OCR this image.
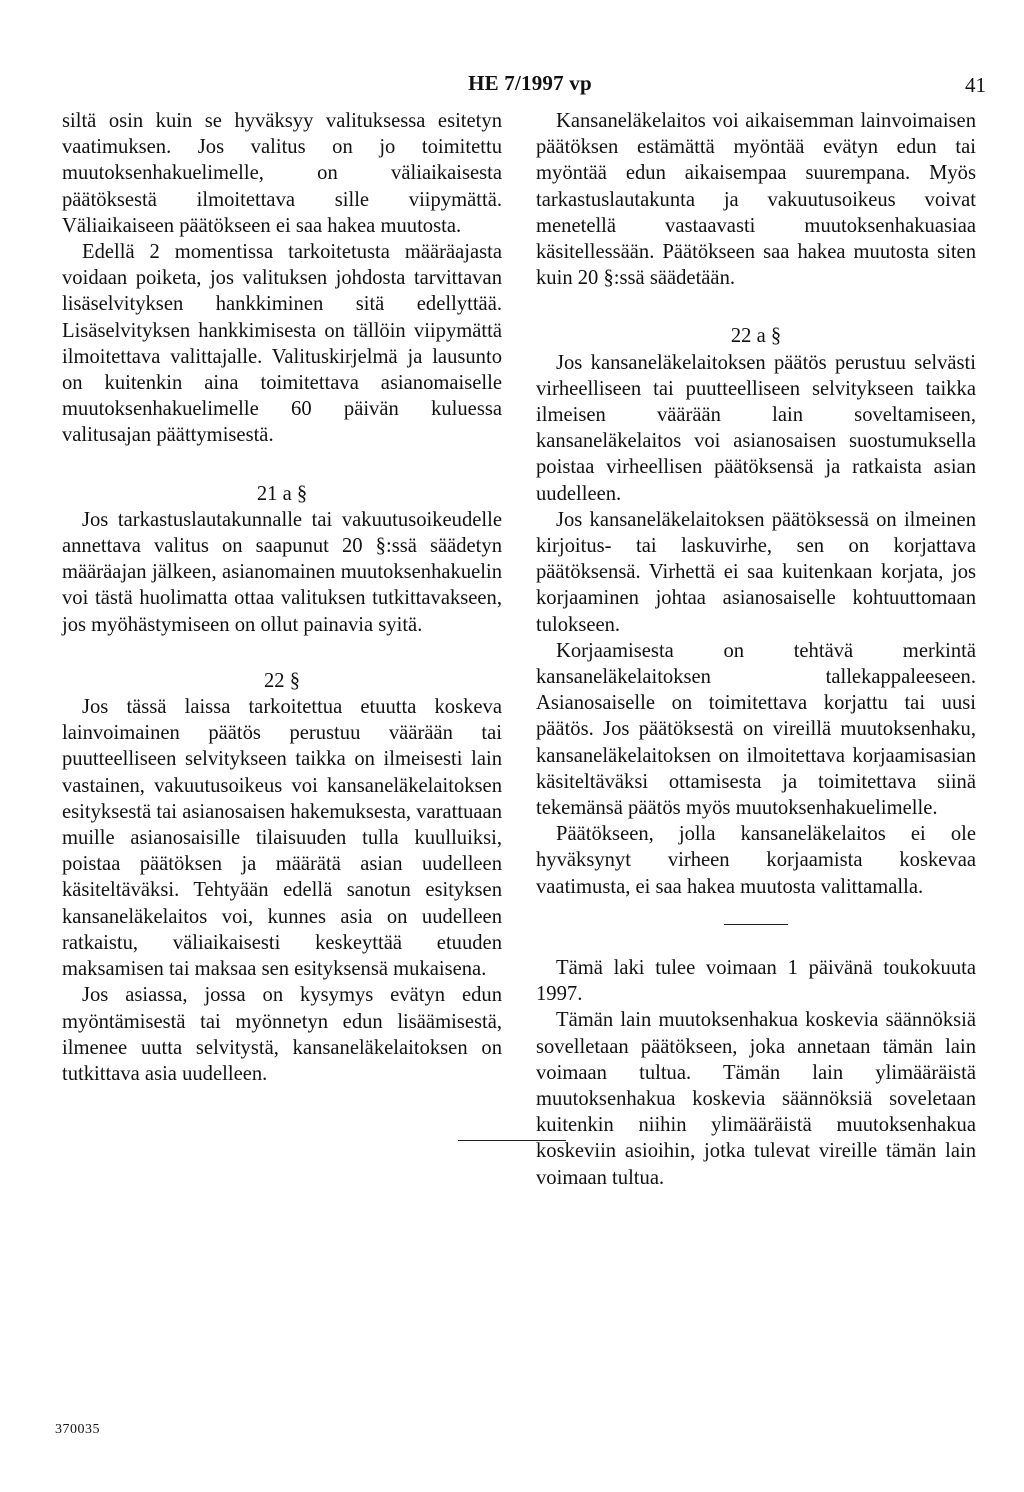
HE 7/1997 vp	41

siltä osin kuin se hyväksyy valituksessa esitetyn vaatimuksen. Jos valitus on jo toimitettu muutoksenhakuelimelle, on väliaikaisesta päätöksestä ilmoitettava sille viipymättä. Väliaikaiseen päätökseen ei saa hakea muutosta.

Edellä 2 momentissa tarkoitetusta määräajasta voidaan poiketa, jos valituksen johdosta tarvittavan lisäselvityksen hankkiminen sitä edellyttää. Lisäselvityksen hankkimisesta on tällöin viipymättä ilmoitettava valittajalle. Valituskirjelmä ja lausunto on kuitenkin aina toimitettava asianomaiselle muutoksenhakuelimelle 60 päivän kuluessa valitusajan päättymisestä.

21 a §

Jos tarkastuslautakunnalle tai vakuutusoikeudelle annettava valitus on saapunut 20 §:ssä säädetyn määräajan jälkeen, asianomainen muutoksenhakuelin voi tästä huolimatta ottaa valituksen tutkittavakseen, jos myöhästymiseen on ollut painavia syitä.

22 §

Jos tässä laissa tarkoitettua etuutta koskeva lainvoimainen päätös perustuu väärään tai puutteelliseen selvitykseen taikka on ilmeisesti lain vastainen, vakuutusoikeus voi kansaneläkelaitoksen esityksestä tai asianosaisen hakemuksesta, varattuaan muille asianosaisille tilaisuuden tulla kuulluiksi, poistaa päätöksen ja määrätä asian uudelleen käsiteltäväksi. Tehtyään edellä sanotun esityksen kansaneläkelaitos voi, kunnes asia on uudelleen ratkaistu, väliaikaisesti keskeyttää etuuden maksamisen tai maksaa sen esityksensä mukaisena.

Jos asiassa, jossa on kysymys evätyn edun myöntämisestä tai myönnetyn edun lisäämisestä, ilmenee uutta selvitystä, kansaneläkelaitoksen on tutkittava asia uudelleen.

Kansaneläkelaitos voi aikaisemman lainvoimaisen päätöksen estämättä myöntää evätyn edun tai myöntää edun aikaisempaa suurempana. Myös tarkastuslautakunta ja vakuutusoikeus voivat menetellä vastaavasti muutoksenhakuasiaa käsitellessään. Päätökseen saa hakea muutosta siten kuin 20 §:ssä säädetään.

22 a §

Jos kansaneläkelaitoksen päätös perustuu selvästi virheelliseen tai puutteelliseen selvitykseen taikka ilmeisen väärään lain soveltamiseen, kansaneläkelaitos voi asianosaisen suostumuksella poistaa virheellisen päätöksensä ja ratkaista asian uudelleen.

Jos kansaneläkelaitoksen päätöksessä on ilmeinen kirjoitus- tai laskuvirhe, sen on korjattava päätöksensä. Virhettä ei saa kuitenkaan korjata, jos korjaaminen johtaa asianosaiselle kohtuuttomaan tulokseen.

Korjaamisesta on tehtävä merkintä kansaneläkelaitoksen tallekappaleeseen. Asianosaiselle on toimitettava korjattu tai uusi päätös. Jos päätöksestä on vireillä muutoksenhaku, kansaneläkelaitoksen on ilmoitettava korjaamisasian käsiteltäväksi ottamisesta ja toimitettava siinä tekemänsä päätös myös muutoksenhakuelimelle.

Päätökseen, jolla kansaneläkelaitos ei ole hyväksynyt virheen korjaamista koskevaa vaatimusta, ei saa hakea muutosta valittamalla.

Tämä laki tulee voimaan 1 päivänä toukokuuta 1997.

Tämän lain muutoksenhakua koskevia säännöksiä sovelletaan päätökseen, joka annetaan tämän lain voimaan tultua. Tämän lain ylimääräistä muutoksenhakua koskevia säännöksiä soveletaan kuitenkin niihin ylimääräistä muutoksenhakua koskeviin asioihin, jotka tulevat vireille tämän lain voimaan tultua.

370035
